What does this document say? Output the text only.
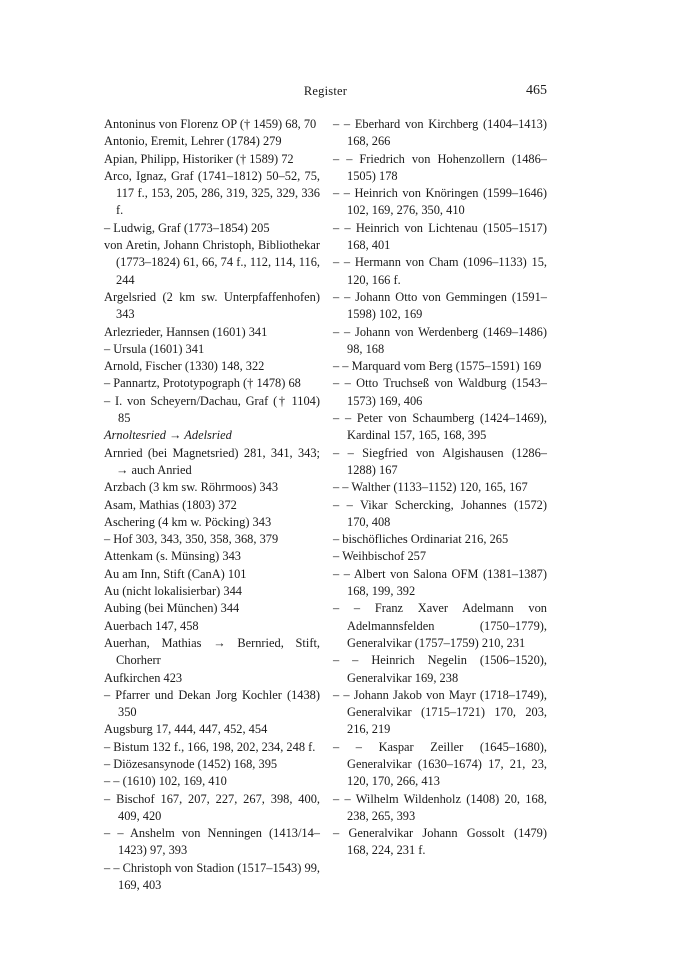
Register	465
Antoninus von Florenz OP († 1459) 68, 70
Antonio, Eremit, Lehrer (1784) 279
Apian, Philipp, Historiker († 1589) 72
Arco, Ignaz, Graf (1741–1812) 50–52, 75, 117 f., 153, 205, 286, 319, 325, 329, 336 f.
– Ludwig, Graf (1773–1854) 205
von Aretin, Johann Christoph, Bibliothekar (1773–1824) 61, 66, 74 f., 112, 114, 116, 244
Argelsried (2 km sw. Unterpfaffenhofen) 343
Arlezrieder, Hannsen (1601) 341
– Ursula (1601) 341
Arnold, Fischer (1330) 148, 322
– Pannartz, Prototypograph († 1478) 68
– I. von Scheyern/Dachau, Graf († 1104) 85
Arnoltesried → Adelsried
Arnried (bei Magnetsried) 281, 341, 343; → auch Anried
Arzbach (3 km sw. Röhrmoos) 343
Asam, Mathias (1803) 372
Aschering (4 km w. Pöcking) 343
– Hof 303, 343, 350, 358, 368, 379
Attenkam (s. Münsing) 343
Au am Inn, Stift (CanA) 101
Au (nicht lokalisierbar) 344
Aubing (bei München) 344
Auerbach 147, 458
Auerhan, Mathias → Bernried, Stift, Chorherr
Aufkirchen 423
– Pfarrer und Dekan Jorg Kochler (1438) 350
Augsburg 17, 444, 447, 452, 454
– Bistum 132 f., 166, 198, 202, 234, 248 f.
– Diözesansynode (1452) 168, 395
– – (1610) 102, 169, 410
– Bischof 167, 207, 227, 267, 398, 400, 409, 420
– – Anshelm von Nenningen (1413/14–1423) 97, 393
– – Christoph von Stadion (1517–1543) 99, 169, 403
– – Eberhard von Kirchberg (1404–1413) 168, 266
– – Friedrich von Hohenzollern (1486–1505) 178
– – Heinrich von Knöringen (1599–1646) 102, 169, 276, 350, 410
– – Heinrich von Lichtenau (1505–1517) 168, 401
– – Hermann von Cham (1096–1133) 15, 120, 166 f.
– – Johann Otto von Gemmingen (1591–1598) 102, 169
– – Johann von Werdenberg (1469–1486) 98, 168
– – Marquard vom Berg (1575–1591) 169
– – Otto Truchseß von Waldburg (1543–1573) 169, 406
– – Peter von Schaumberg (1424–1469), Kardinal 157, 165, 168, 395
– – Siegfried von Algishausen (1286–1288) 167
– – Walther (1133–1152) 120, 165, 167
– – Vikar Schercking, Johannes (1572) 170, 408
– bischöfliches Ordinariat 216, 265
– Weihbischof 257
– – Albert von Salona OFM (1381–1387) 168, 199, 392
– – Franz Xaver Adelmann von Adelmannsfelden (1750–1779), Generalvikar (1757–1759) 210, 231
– – Heinrich Negelin (1506–1520), Generalvikar 169, 238
– – Johann Jakob von Mayr (1718–1749), Generalvikar (1715–1721) 170, 203, 216, 219
– – Kaspar Zeiller (1645–1680), Generalvikar (1630–1674) 17, 21, 23, 120, 170, 266, 413
– – Wilhelm Wildenholz (1408) 20, 168, 238, 265, 393
– Generalvikar Johann Gossolt (1479) 168, 224, 231 f.
